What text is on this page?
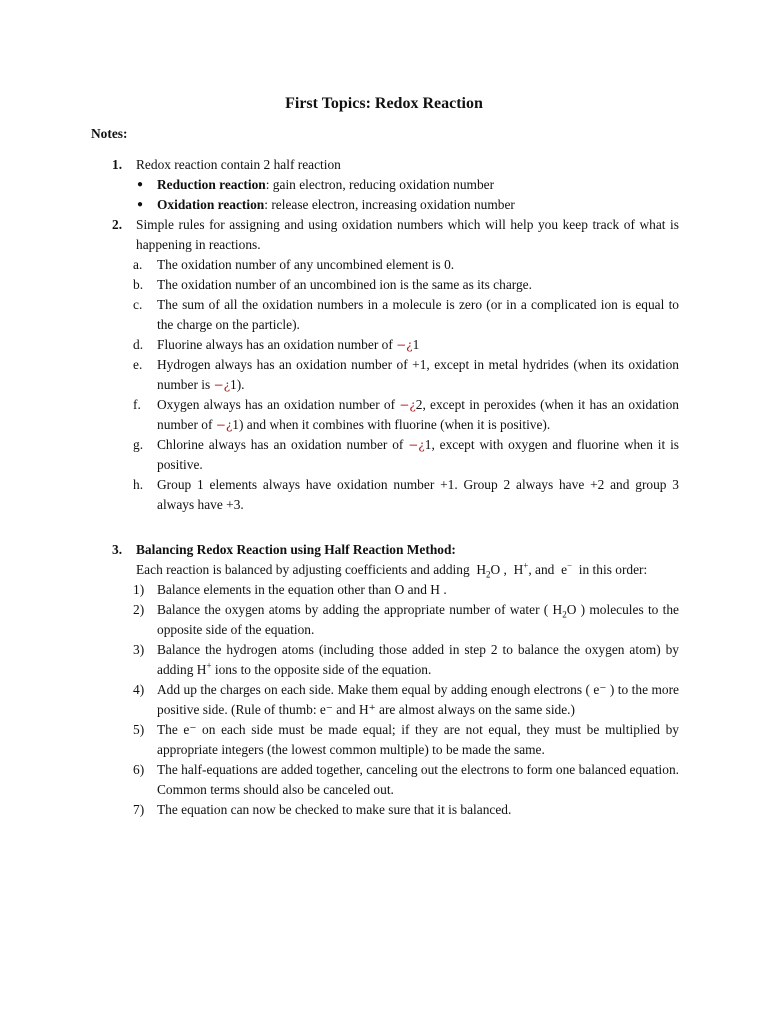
First Topics: Redox Reaction
Notes:
1.	Redox reaction contain 2 half reaction
● Reduction reaction: gain electron, reducing oxidation number
● Oxidation reaction: release electron, increasing oxidation number
2.	Simple rules for assigning and using oxidation numbers which will help you keep track of what is happening in reactions.
a. The oxidation number of any uncombined element is 0.
b. The oxidation number of an uncombined ion is the same as its charge.
c. The sum of all the oxidation numbers in a molecule is zero (or in a complicated ion is equal to the charge on the particle).
d. Fluorine always has an oxidation number of −¿1
e. Hydrogen always has an oxidation number of +1, except in metal hydrides (when its oxidation number is −¿1).
f. Oxygen always has an oxidation number of −¿2, except in peroxides (when it has an oxidation number of −¿1) and when it combines with fluorine (when it is positive).
g. Chlorine always has an oxidation number of −¿1, except with oxygen and fluorine when it is positive.
h. Group 1 elements always have oxidation number +1. Group 2 always have +2 and group 3 always have +3.
3.	Balancing Redox Reaction using Half Reaction Method:
Each reaction is balanced by adjusting coefficients and adding  $H_2O$ ,  H+, and  e− in this order:
1) Balance elements in the equation other than O and H .
2) Balance the oxygen atoms by adding the appropriate number of water ( $H_2O$ ) molecules to the opposite side of the equation.
3) Balance the hydrogen atoms (including those added in step 2 to balance the oxygen atom) by adding H+ ions to the opposite side of the equation.
4) Add up the charges on each side. Make them equal by adding enough electrons ( e⁻ ) to the more positive side. (Rule of thumb: e⁻ and H⁺ are almost always on the same side.)
5) The e⁻ on each side must be made equal; if they are not equal, they must be multiplied by appropriate integers (the lowest common multiple) to be made the same.
6) The half-equations are added together, canceling out the electrons to form one balanced equation. Common terms should also be canceled out.
7) The equation can now be checked to make sure that it is balanced.
